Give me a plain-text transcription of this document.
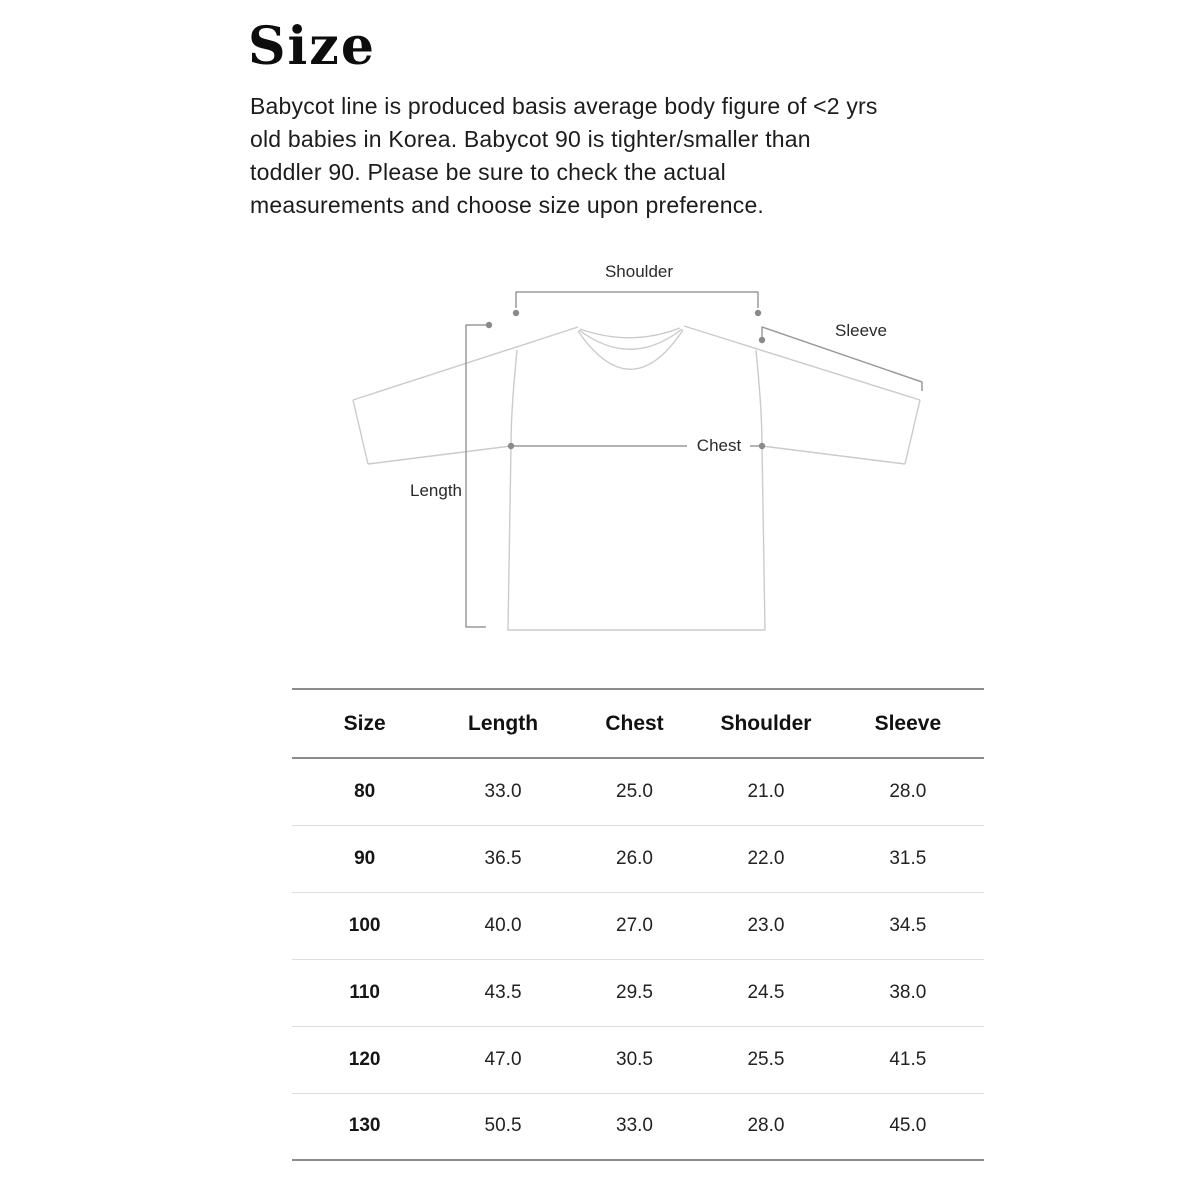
Size
Babycot line is produced basis average body figure of <2 yrs
old babies in Korea. Babycot 90 is tighter/smaller than
toddler 90. Please be sure to check the actual
measurements and choose size upon preference.
Shoulder
Sleeve
Chest
Length
Size	Length	Chest	Shoulder	Sleeve
80	33.0	25.0	21.0	28.0
90	36.5	26.0	22.0	31.5
100	40.0	27.0	23.0	34.5
110	43.5	29.5	24.5	38.0
120	47.0	30.5	25.5	41.5
130	50.5	33.0	28.0	45.0
